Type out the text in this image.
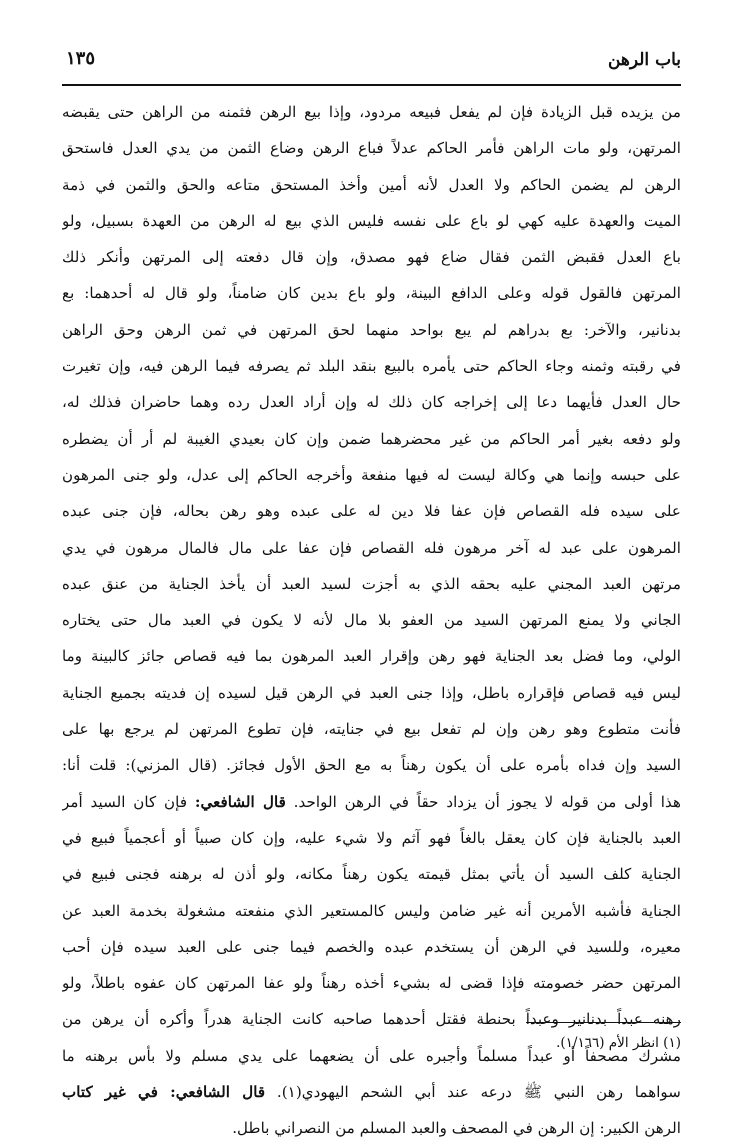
باب الرهن
١٣٥
من يزيده قبل الزيادة فإن لم يفعل فبيعه مردود، وإذا بيع الرهن فثمنه من الراهن حتى يقبضه
المرتهن، ولو مات الراهن فأمر الحاكم عدلاً فباع الرهن وضاع الثمن من يدي العدل فاستحق
الرهن لم يضمن الحاكم ولا العدل لأنه أمين وأخذ المستحق متاعه والحق والثمن في ذمة
الميت والعهدة عليه كهي لو باع على نفسه فليس الذي بيع له الرهن من العهدة بسبيل، ولو
باع العدل فقبض الثمن فقال ضاع فهو مصدق، وإن قال دفعته إلى المرتهن وأنكر ذلك
المرتهن فالقول قوله وعلى الدافع البينة، ولو باع بدين كان ضامناً، ولو قال له أحدهما: بع
بدنانير، والآخر: بع بدراهم لم يبع بواحد منهما لحق المرتهن في ثمن الرهن وحق الراهن
في رقبته وثمنه وجاء الحاكم حتى يأمره بالبيع بنقد البلد ثم يصرفه فيما الرهن فيه، وإن تغيرت
حال العدل فأيهما دعا إلى إخراجه كان ذلك له وإن أراد العدل رده وهما حاضران فذلك له،
ولو دفعه بغير أمر الحاكم من غير محضرهما ضمن وإن كان بعيدي الغيبة لم أر أن يضطره
على حبسه وإنما هي وكالة ليست له فيها منفعة وأخرجه الحاكم إلى عدل، ولو جنى المرهون
على سيده فله القصاص فإن عفا فلا دين له على عبده وهو رهن بحاله، فإن جنى عبده
المرهون على عبد له آخر مرهون فله القصاص فإن عفا على مال فالمال مرهون في يدي
مرتهن العبد المجني عليه بحقه الذي به أجزت لسيد العبد أن يأخذ الجناية من عنق عبده
الجاني ولا يمنع المرتهن السيد من العفو بلا مال لأنه لا يكون في العبد مال حتى يختاره
الولي، وما فضل بعد الجناية فهو رهن وإقرار العبد المرهون بما فيه قصاص جائز كالبينة وما
ليس فيه قصاص فإقراره باطل، وإذا جنى العبد في الرهن قيل لسيده إن فديته بجميع الجناية
فأنت متطوع وهو رهن وإن لم تفعل بيع في جنايته، فإن تطوع المرتهن لم يرجع بها على
السيد وإن فداه بأمره على أن يكون رهناً به مع الحق الأول فجائز. (قال المزني): قلت أنا:
هذا أولى من قوله لا يجوز أن يزداد حقاً في الرهن الواحد. قال الشافعي: فإن كان السيد أمر
العبد بالجناية فإن كان يعقل بالغاً فهو آثم ولا شيء عليه، وإن كان صبياً أو أعجمياً فبيع في
الجناية كلف السيد أن يأتي بمثل قيمته يكون رهناً مكانه، ولو أذن له برهنه فجنى فبيع في
الجناية فأشبه الأمرين أنه غير ضامن وليس كالمستعير الذي منفعته مشغولة بخدمة العبد عن
معيره، وللسيد في الرهن أن يستخدم عبده والخصم فيما جنى على العبد سيده فإن أحب
المرتهن حضر خصومته فإذا قضى له بشيء أخذه رهناً ولو عفا المرتهن كان عفوه باطلاً، ولو
رهنه عبداً بدنانير وعبداً بحنطة فقتل أحدهما صاحبه كانت الجناية هدراً وأكره أن يرهن من
مشرك مصحفاً أو عبداً مسلماً وأجبره على أن يضعهما على يدي مسلم ولا بأس برهنه ما
سواهما رهن النبي ﷺ درعه عند أبي الشحم اليهودي(١). قال الشافعي: في غير كتاب
الرهن الكبير: إن الرهن في المصحف والعبد المسلم من النصراني باطل.
(١) انظر الأم (١/١٦٦).
